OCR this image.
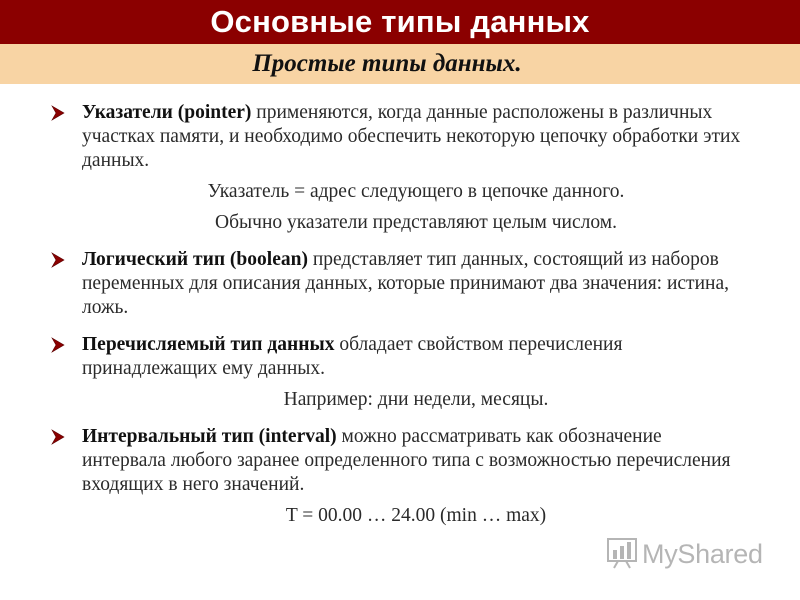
Основные типы данных
Простые типы данных.
Указатели (pointer) применяются, когда данные расположены в различных участках памяти, и необходимо обеспечить некоторую цепочку обработки этих данных.
Указатель = адрес следующего в цепочке данного.
Обычно указатели представляют целым числом.
Логический тип (boolean) представляет тип данных, состоящий из наборов переменных для описания данных, которые принимают два значения: истина, ложь.
Перечисляемый тип данных обладает свойством перечисления принадлежащих ему данных.
Например: дни недели, месяцы.
Интервальный тип (interval) можно рассматривать как обозначение интервала любого заранее определенного типа с возможностью перечисления входящих в него значений.
T = 00.00 … 24.00 (min … max)
MyShared
